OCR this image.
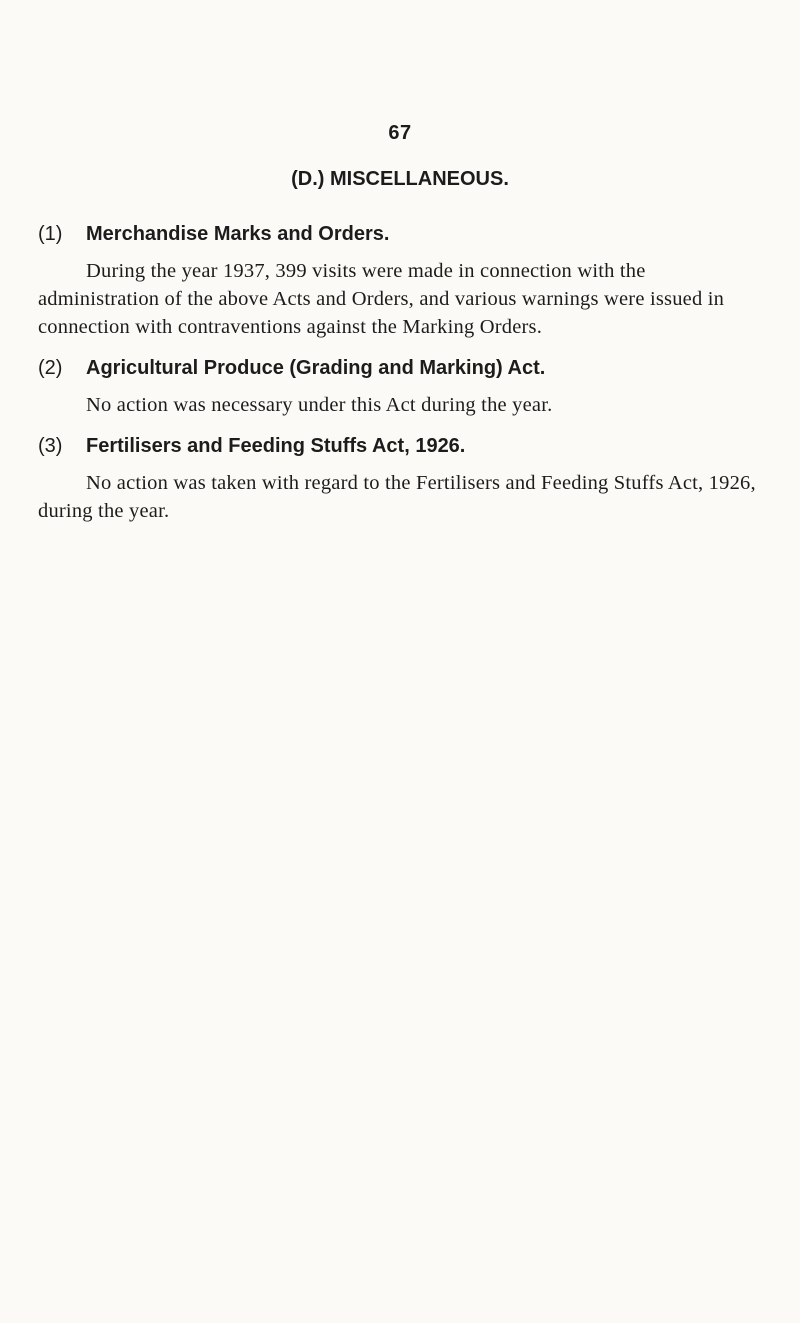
67
(D.) MISCELLANEOUS.
(1) Merchandise Marks and Orders.
During the year 1937, 399 visits were made in connection with the administration of the above Acts and Orders, and various warnings were issued in connection with contraventions against the Marking Orders.
(2) Agricultural Produce (Grading and Marking) Act.
No action was necessary under this Act during the year.
(3) Fertilisers and Feeding Stuffs Act, 1926.
No action was taken with regard to the Fertilisers and Feeding Stuffs Act, 1926, during the year.
